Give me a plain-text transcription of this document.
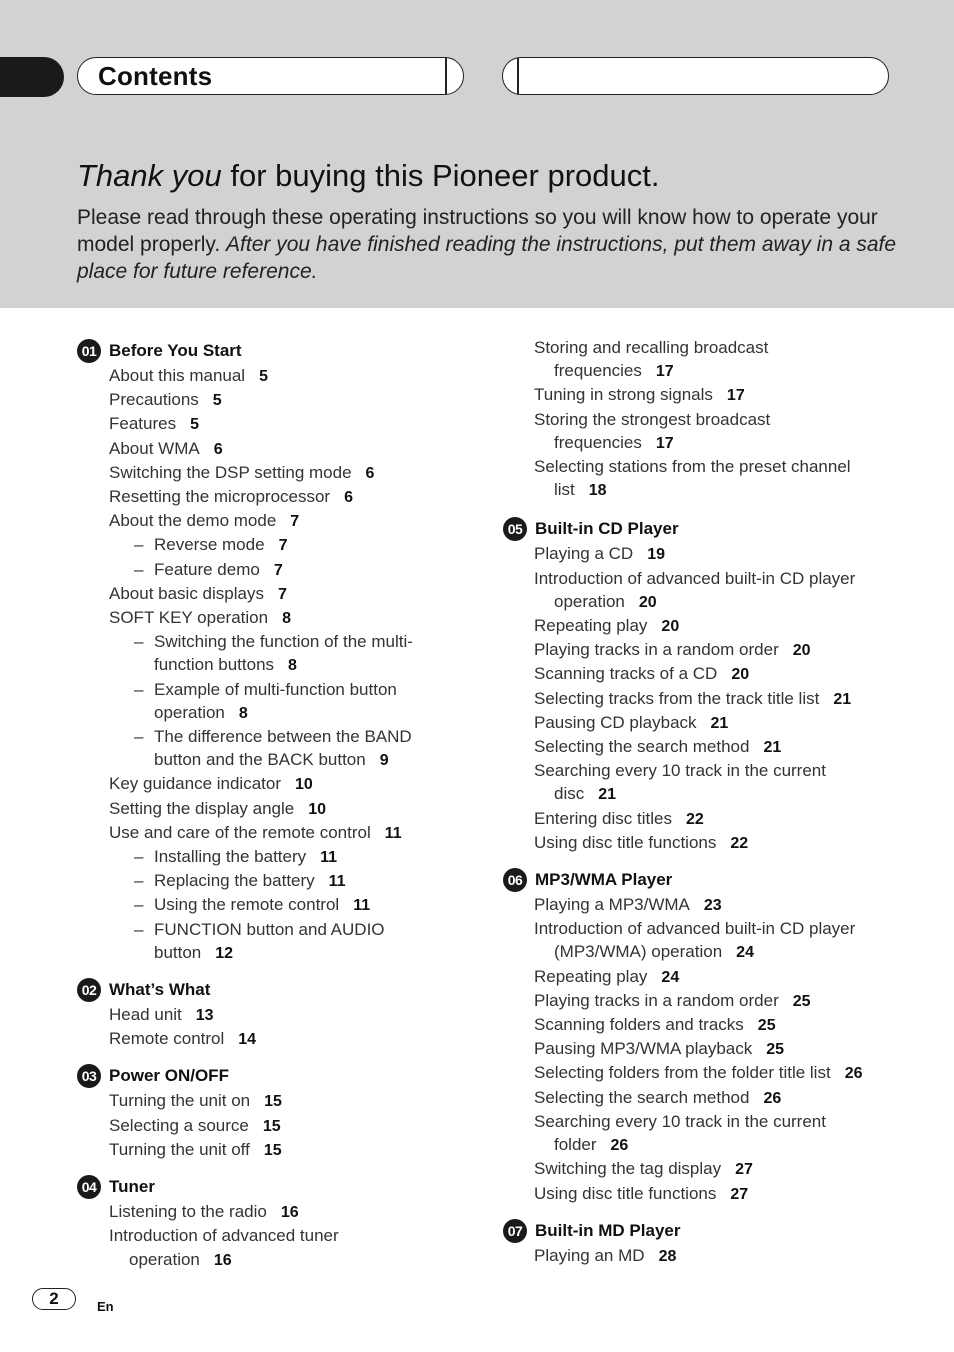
Contents
Thank you for buying this Pioneer product.
Please read through these operating instructions so you will know how to operate your model properly. After you have finished reading the instructions, put them away in a safe place for future reference.
01 Before You Start
About this manual 5
Precautions 5
Features 5
About WMA 6
Switching the DSP setting mode 6
Resetting the microprocessor 6
About the demo mode 7
– Reverse mode 7
– Feature demo 7
About basic displays 7
SOFT KEY operation 8
– Switching the function of the multi-function buttons 8
– Example of multi-function button operation 8
– The difference between the BAND button and the BACK button 9
Key guidance indicator 10
Setting the display angle 10
Use and care of the remote control 11
– Installing the battery 11
– Replacing the battery 11
– Using the remote control 11
– FUNCTION button and AUDIO button 12
02 What’s What
Head unit 13
Remote control 14
03 Power ON/OFF
Turning the unit on 15
Selecting a source 15
Turning the unit off 15
04 Tuner
Listening to the radio 16
Introduction of advanced tuner operation 16
Storing and recalling broadcast frequencies 17
Tuning in strong signals 17
Storing the strongest broadcast frequencies 17
Selecting stations from the preset channel list 18
05 Built-in CD Player
Playing a CD 19
Introduction of advanced built-in CD player operation 20
Repeating play 20
Playing tracks in a random order 20
Scanning tracks of a CD 20
Selecting tracks from the track title list 21
Pausing CD playback 21
Selecting the search method 21
Searching every 10 track in the current disc 21
Entering disc titles 22
Using disc title functions 22
06 MP3/WMA Player
Playing a MP3/WMA 23
Introduction of advanced built-in CD player (MP3/WMA) operation 24
Repeating play 24
Playing tracks in a random order 25
Scanning folders and tracks 25
Pausing MP3/WMA playback 25
Selecting folders from the folder title list 26
Selecting the search method 26
Searching every 10 track in the current folder 26
Switching the tag display 27
Using disc title functions 27
07 Built-in MD Player
Playing an MD 28
2	En
